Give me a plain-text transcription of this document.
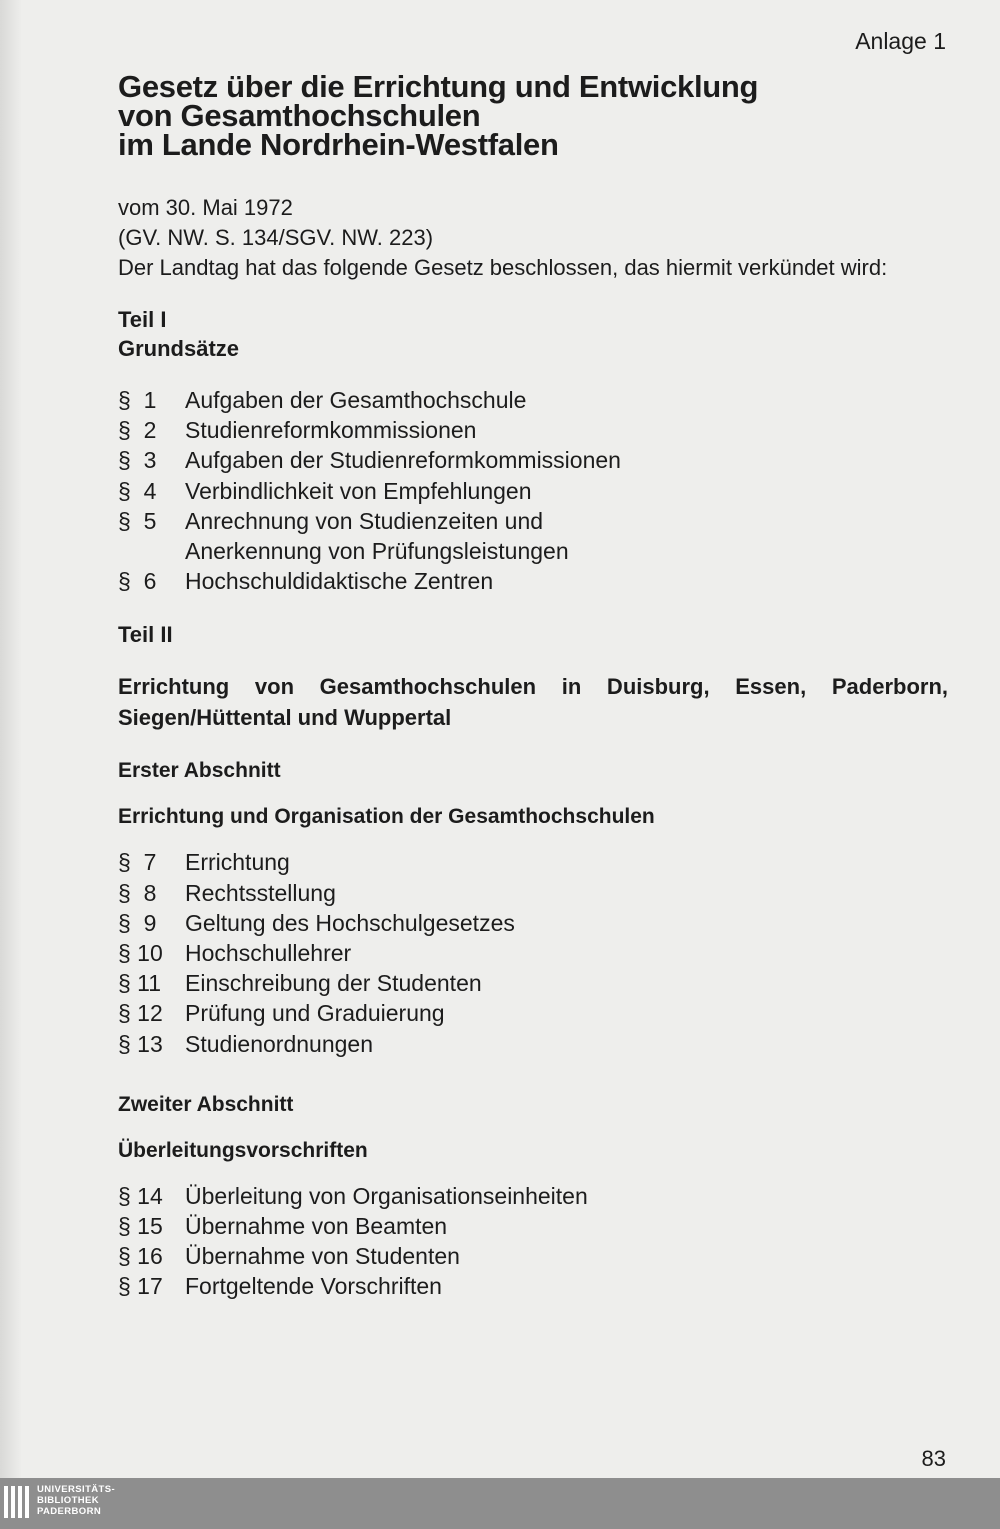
Anlage 1
Gesetz über die Errichtung und Entwicklung
von Gesamthochschulen
im Lande Nordrhein-Westfalen
vom 30. Mai 1972
(GV. NW. S. 134/SGV. NW. 223)
Der Landtag hat das folgende Gesetz beschlossen, das hiermit verkündet wird:
Teil I
Grundsätze
§  1	Aufgaben der Gesamthochschule
§  2	Studienreformkommissionen
§  3	Aufgaben der Studienreformkommissionen
§  4	Verbindlichkeit von Empfehlungen
§  5	Anrechnung von Studienzeiten und Anerkennung von Prüfungsleistungen
§  6	Hochschuldidaktische Zentren
Teil II
Errichtung von Gesamthochschulen in Duisburg, Essen, Paderborn, Siegen/Hüttental und Wuppertal
Erster Abschnitt
Errichtung und Organisation der Gesamthochschulen
§  7	Errichtung
§  8	Rechtsstellung
§  9	Geltung des Hochschulgesetzes
§ 10 Hochschullehrer
§ 11	Einschreibung der Studenten
§ 12 Prüfung und Graduierung
§ 13 Studienordnungen
Zweiter Abschnitt
Überleitungsvorschriften
§ 14 Überleitung von Organisationseinheiten
§ 15 Übernahme von Beamten
§ 16 Übernahme von Studenten
§ 17 Fortgeltende Vorschriften
83
UNIVERSITÄTS-
BIBLIOTHEK
PADERBORN
